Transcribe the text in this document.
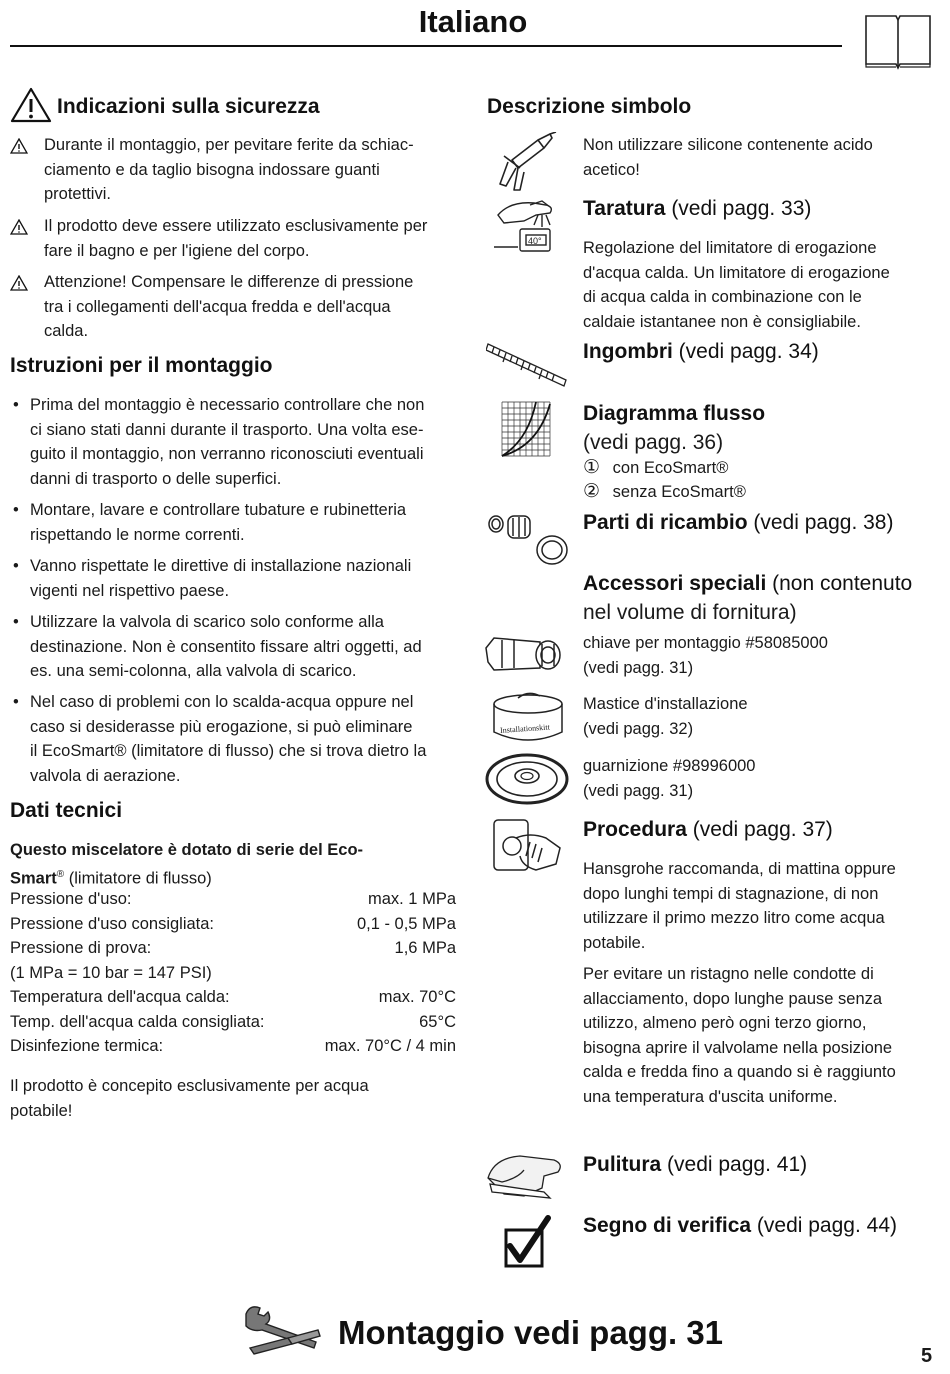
Italiano
Indicazioni sulla sicurezza
Durante il montaggio, per pevitare ferite da schiac-
ciamento e da taglio bisogna indossare guanti
protettivi.
Il prodotto deve essere utilizzato esclusivamente per
fare il bagno e per l'igiene del corpo.
Attenzione! Compensare le differenze di pressione
tra i collegamenti dell'acqua fredda e dell'acqua
calda.
Istruzioni per il montaggio
• Prima del montaggio è necessario controllare che non
ci siano stati danni durante il trasporto. Una volta ese-
guito il montaggio, non verranno riconosciuti eventuali
danni di trasporto o delle superfici.
• Montare, lavare e controllare tubature e rubinetteria
rispettando le norme correnti.
• Vanno rispettate le direttive di installazione nazionali
vigenti nel rispettivo paese.
• Utilizzare la valvola di scarico solo conforme alla
destinazione. Non è consentito fissare altri oggetti, ad
es. una semi-colonna, alla valvola di scarico.
• Nel caso di problemi con lo scalda-acqua oppure nel
caso si desiderasse più erogazione, si può eliminare
il EcoSmart® (limitatore di flusso) che si trova dietro la
valvola di aerazione.
Dati tecnici
Questo miscelatore è dotato di serie del Eco-
Smart® (limitatore di flusso)
Pressione d'uso:	max. 1 MPa
Pressione d'uso consigliata:	0,1 - 0,5 MPa
Pressione di prova:	1,6 MPa
(1 MPa = 10 bar = 147 PSI)
Temperatura dell'acqua calda:	max. 70°C
Temp. dell'acqua calda consigliata:	65°C
Disinfezione termica:	max. 70°C / 4 min
Il prodotto è concepito esclusivamente per acqua
potabile!
Descrizione simbolo
Non utilizzare silicone contenente acido
acetico!
40°
Taratura (vedi pagg. 33)
Regolazione del limitatore di erogazione
d'acqua calda. Un limitatore di erogazione
di acqua calda in combinazione con le
caldaie istantanee non è consigliabile.
Ingombri (vedi pagg. 34)
Diagramma flusso
(vedi pagg. 36)
① con EcoSmart®
② senza EcoSmart®
Parti di ricambio (vedi pagg. 38)
Accessori speciali (non contenuto
nel volume di fornitura)
chiave per montaggio #58085000
(vedi pagg. 31)
Installationskitt
Mastice d'installazione
(vedi pagg. 32)
guarnizione #98996000
(vedi pagg. 31)
Procedura (vedi pagg. 37)
Hansgrohe raccomanda, di mattina oppure
dopo lunghi tempi di stagnazione, di non
utilizzare il primo mezzo litro come acqua
potabile.
Per evitare un ristagno nelle condotte di
allacciamento, dopo lunghe pause senza
utilizzo, almeno però ogni terzo giorno,
bisogna aprire il valvolame nella posizione
calda e fredda fino a quando si è raggiunto
una temperatura d'uscita uniforme.
Pulitura (vedi pagg. 41)
Segno di verifica (vedi pagg. 44)
Montaggio vedi pagg. 31
5
